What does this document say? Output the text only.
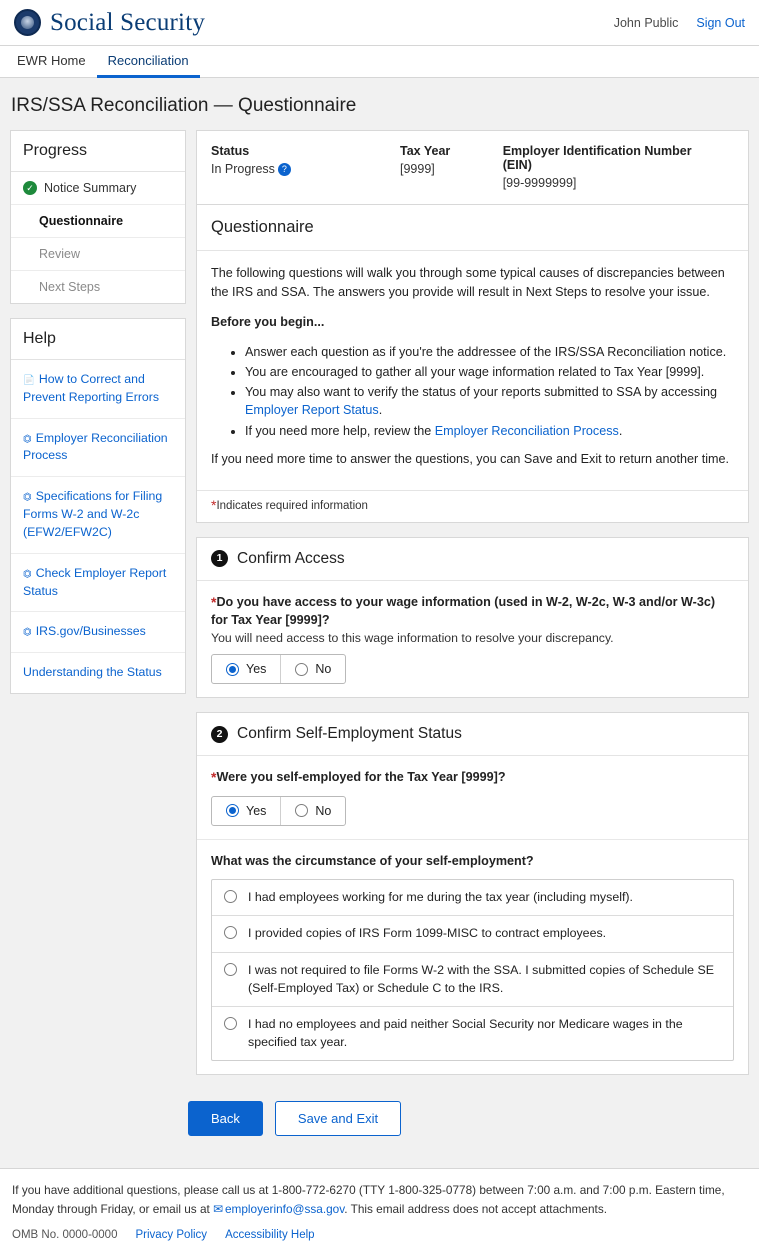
Social Security	John Public Sign Out
EWR Home	Reconciliation
IRS/SSA Reconciliation — Questionnaire
Progress
✓ Notice Summary
Questionnaire
Review
Next Steps
Help
📄 How to Correct and Prevent Reporting Errors
⏣ Employer Reconciliation Process
⏣ Specifications for Filing Forms W-2 and W-2c (EFW2/EFW2C)
⏣ Check Employer Report Status
⏣ IRS.gov/Businesses
Understanding the Status
Status
In Progress ?
Tax Year
[9999]
Employer Identification Number (EIN)
[99-9999999]
Questionnaire

The following questions will walk you through some typical causes of discrepancies between the IRS and SSA. The answers you provide will result in Next Steps to resolve your issue.

Before you begin...

• Answer each question as if you're the addressee of the IRS/SSA Reconciliation notice.
• You are encouraged to gather all your wage information related to Tax Year [9999].
• You may also want to verify the status of your reports submitted to SSA by accessing Employer Report Status.
• If you need more help, review the Employer Reconciliation Process.

If you need more time to answer the questions, you can Save and Exit to return another time.

*Indicates required information
1 Confirm Access
*Do you have access to your wage information (used in W-2, W-2c, W-3 and/or W-3c) for Tax Year [9999]?
You will need access to this wage information to resolve your discrepancy.
Yes	No
2 Confirm Self-Employment Status
*Were you self-employed for the Tax Year [9999]?
Yes	No
What was the circumstance of your self-employment?
I had employees working for me during the tax year (including myself).
I provided copies of IRS Form 1099-MISC to contract employees.
I was not required to file Forms W-2 with the SSA. I submitted copies of Schedule SE (Self-Employed Tax) or Schedule C to the IRS.
I had no employees and paid neither Social Security nor Medicare wages in the specified tax year.
Back	Save and Exit
If you have additional questions, please call us at 1-800-772-6270 (TTY 1-800-325-0778) between 7:00 a.m. and 7:00 p.m. Eastern time, Monday through Friday, or email us at ✉ employerinfo@ssa.gov. This email address does not accept attachments.
OMB No. 0000-0000 Privacy Policy Accessibility Help
